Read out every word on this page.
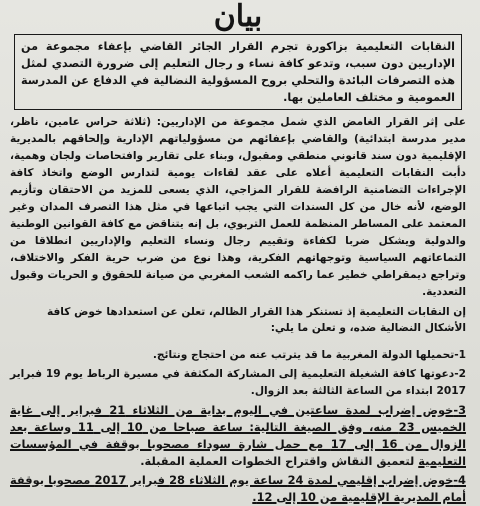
بيان
النقابات التعليمية بزاكورة تجرم القرار الجائر القاضي بإعفاء مجموعة من الإداريين دون سبب، وتدعو كافة نساء و رجال التعليم إلى ضرورة التصدي لمثل هذه التصرفات البائدة والتحلي بروح المسؤولية النضالية في الدفاع عن المدرسة العمومية و مختلف العاملين بها.

على إثر القرار الغامض الذي شمل مجموعة من الإداريين: (ثلاثة حراس عامين، ناظر، مدير مدرسة ابتدائية) والقاضي بإعفائهم من مسؤولياتهم الإدارية وإلحاقهم بالمديرية الإقليمية دون سند قانوني منطقي ومقبول، وبناء على تقارير وافتحاصات ولجان وهمية، دأبت النقابات التعليمية أعلاه على عقد لقاءات يومية لتدارس الوضع واتخاذ كافة الإجراءات التضامنية الرافضة للقرار المزاجي، الذي يسعى للمزيد من الاحتقان وتأزيم الوضع، لأنه خال من كل السندات التي يجب اتباعها في مثل هذا التصرف المدان وغير المعتمد على المساطر المنظمة للعمل التربوي، بل إنه يتناقض مع كافة القوانين الوطنية والدولية ويشكل ضربا لكفاءة وتقييم رجال ونساء التعليم والإداريين انطلاقا من التماعاتهم السياسية وتوجهاتهم الفكرية، وهذا نوع من ضرب حرية الفكر والاختلاف، وتراجع ديمقراطي خطير عما راكمه الشعب المغربي من صيانة للحقوق و الحريات وقبول التعددية.

إن النقابات التعليمية إذ تستنكر هذا القرار الظالم، تعلن عن استعدادها خوض كافة الأشكال النضالية ضده، و تعلن ما يلي:

1-تحميلها الدولة المغربية ما قد يترتب عنه من احتجاج ونتائج.

2-دعوتها كافة الشغيلة التعليمية إلى المشاركة المكثفة في مسيرة الرباط يوم 19 فبراير 2017 ابتداء من الساعة الثالثة بعد الزوال.

3-خوض إضراب لمدة ساعتين في اليوم بداية من الثلاثاء 21 فبراير إلى غاية الخميس 23 منه، وفق الصيغة التالية: ساعة صباحا من 10 إلى 11 وساعة بعد الزوال من 16 إلى 17 مع حمل شارة سوداء مصحوبا بوقفة في المؤسسات التعليمية لتعميق النقاش واقتراح الخطوات العملية المقبلة.

4-خوض إضراب إقليمي لمدة 24 ساعة يوم الثلاثاء 28 فبراير 2017 مصحوبا بوقفة أمام المديرية الإقليمية من 10 إلى 12.
